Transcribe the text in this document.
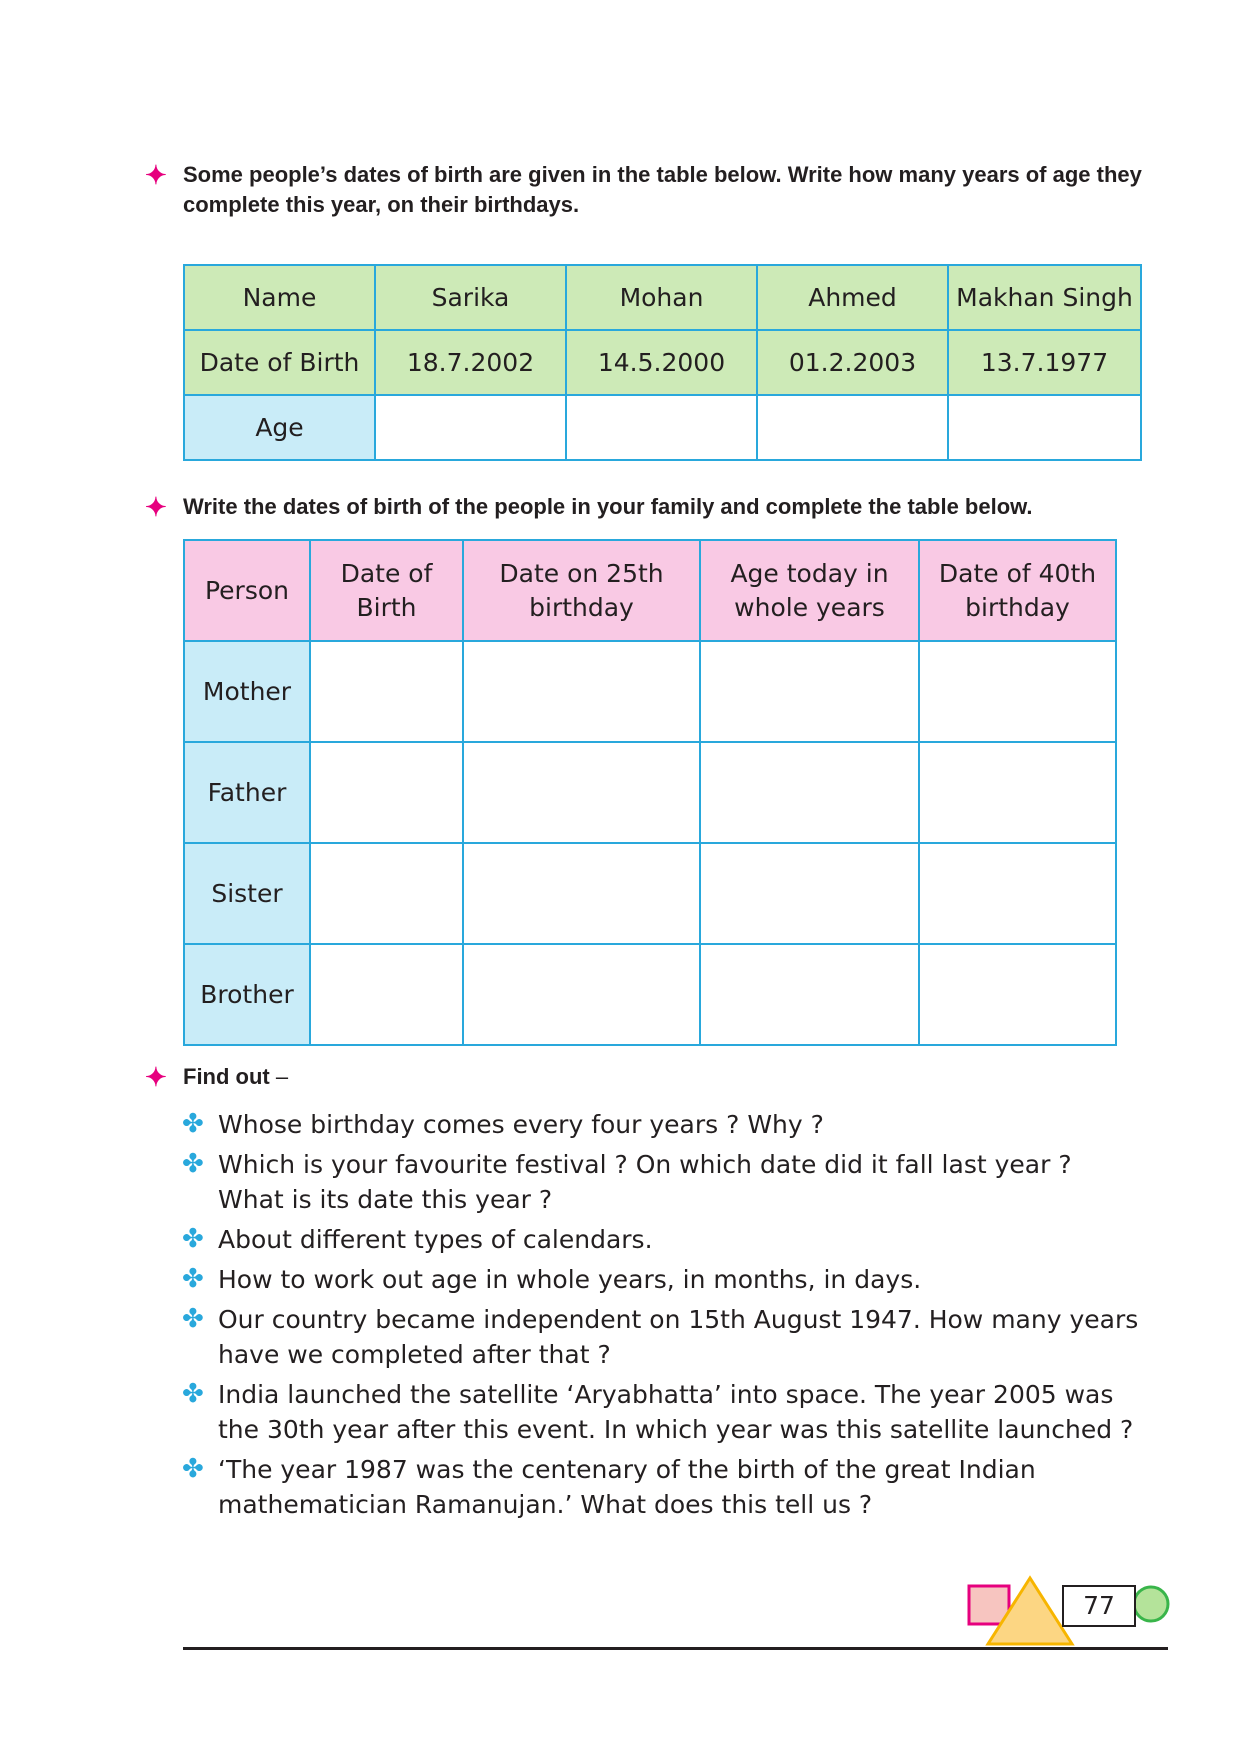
✦ Some people’s dates of birth are given in the table below. Write how many years of age they complete this year, on their birthdays.
Name	Sarika	Mohan	Ahmed	Makhan Singh
Date of Birth	18.7.2002	14.5.2000	01.2.2003	13.7.1977
Age				
✦ Write the dates of birth of the people in your family and complete the table below.
Person	Date of Birth	Date on 25th birthday	Age today in whole years	Date of 40th birthday
Mother				
Father				
Sister				
Brother				
✦ Find out –
✤ Whose birthday comes every four years ? Why ?
✤ Which is your favourite festival ? On which date did it fall last year ? What is its date this year ?
✤ About different types of calendars.
✤ How to work out age in whole years, in months, in days.
✤ Our country became independent on 15th August 1947. How many years have we completed after that ?
✤ India launched the satellite ‘Aryabhatta’ into space. The year 2005 was the 30th year after this event. In which year was this satellite launched ?
✤ ‘The year 1987 was the centenary of the birth of the great Indian mathematician Ramanujan.’ What does this tell us ?
77
